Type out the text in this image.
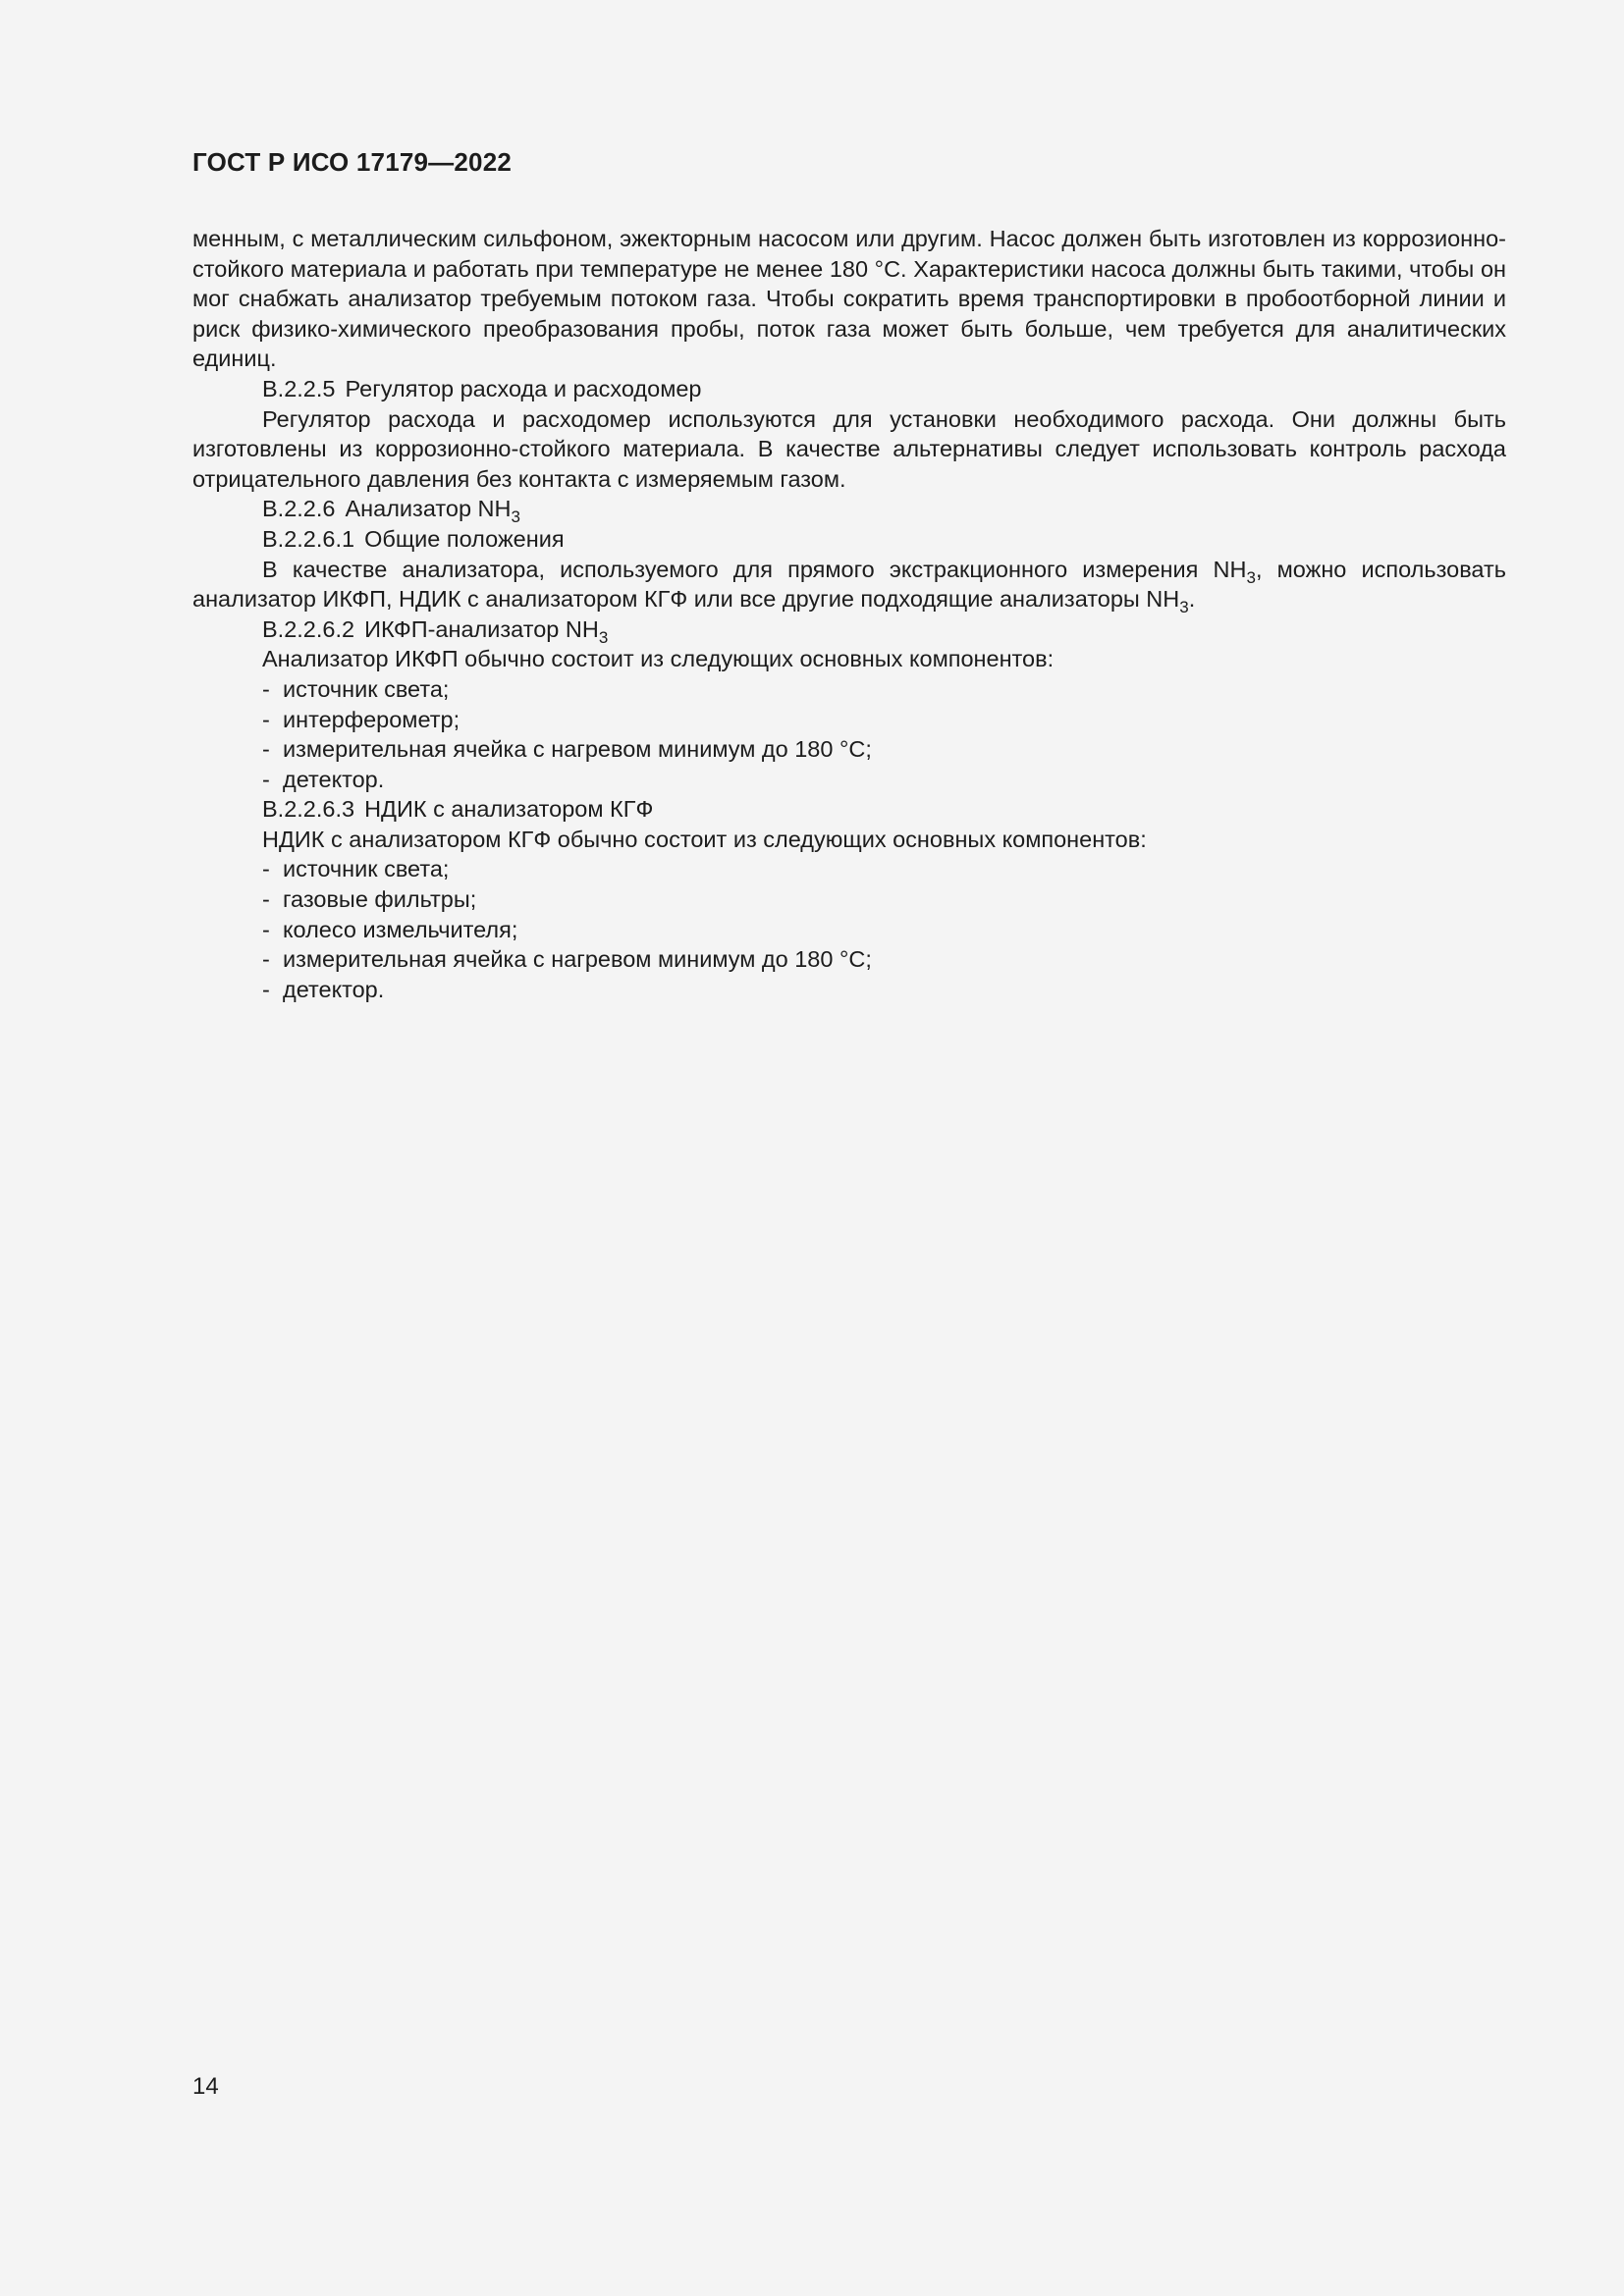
ГОСТ Р ИСО 17179—2022

менным, с металлическим сильфоном, эжекторным насосом или другим. Насос должен быть изготовлен из коррозионно-стойкого материала и работать при температуре не менее 180 °C. Характеристики насоса должны быть такими, чтобы он мог снабжать анализатор требуемым потоком газа. Чтобы сократить время транспортировки в пробоотборной линии и риск физико-химического преобразования пробы, поток газа может быть больше, чем требуется для аналитических единиц.

B.2.2.5 Регулятор расхода и расходомер

Регулятор расхода и расходомер используются для установки необходимого расхода. Они должны быть изготовлены из коррозионно-стойкого материала. В качестве альтернативы следует использовать контроль расхода отрицательного давления без контакта с измеряемым газом.

B.2.2.6 Анализатор $NH_3$

B.2.2.6.1 Общие положения

В качестве анализатора, используемого для прямого экстракционного измерения $NH_3$, можно использовать анализатор ИКФП, НДИК с анализатором КГФ или все другие подходящие анализаторы $NH_3$.

B.2.2.6.2 ИКФП-анализатор $NH_3$

Анализатор ИКФП обычно состоит из следующих основных компонентов:

- источник света;
- интерферометр;
- измерительная ячейка с нагревом минимум до 180 °C;
- детектор.

B.2.2.6.3 НДИК с анализатором КГФ

НДИК с анализатором КГФ обычно состоит из следующих основных компонентов:

- источник света;
- газовые фильтры;
- колесо измельчителя;
- измерительная ячейка с нагревом минимум до 180 °C;
- детектор.
14
